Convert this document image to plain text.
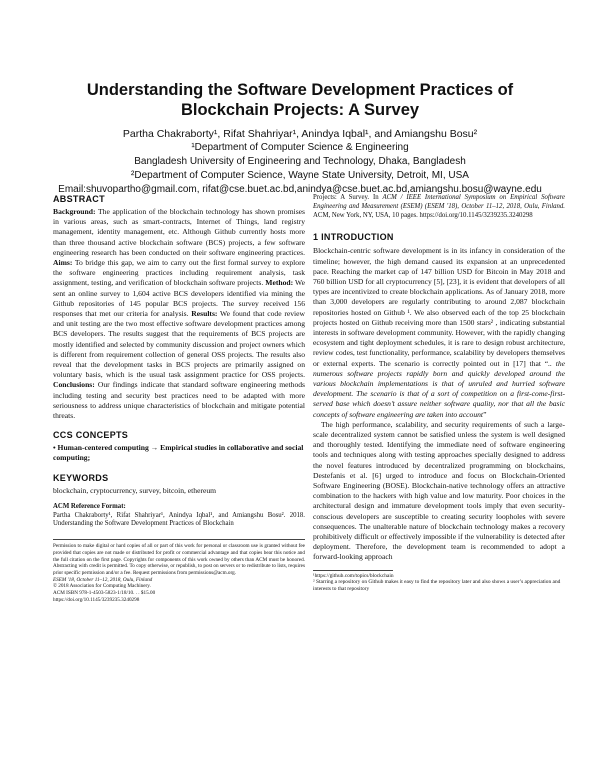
Understanding the Software Development Practices of
Blockchain Projects: A Survey
Partha Chakraborty¹, Rifat Shahriyar¹, Anindya Iqbal¹, and Amiangshu Bosu²
¹Department of Computer Science & Engineering
Bangladesh University of Engineering and Technology, Dhaka, Bangladesh
²Department of Computer Science, Wayne State University, Detroit, MI, USA
Email:shuvopartho@gmail.com, rifat@cse.buet.ac.bd,anindya@cse.buet.ac.bd,amiangshu.bosu@wayne.edu
ABSTRACT

Background: The application of the blockchain technology has shown promises in various areas, such as smart-contracts, Internet of Things, land registry management, identity management, etc. Although Github currently hosts more than three thousand active blockchain software (BCS) projects, a few software engineering research has been conducted on their software engineering practices. Aims: To bridge this gap, we aim to carry out the first formal survey to explore the software engineering practices including requirement analysis, task assignment, testing, and verification of blockchain software projects. Method: We sent an online survey to 1,604 active BCS developers identified via mining the Github repositories of 145 popular BCS projects. The survey received 156 responses that met our criteria for analysis. Results: We found that code review and unit testing are the two most effective software development practices among BCS developers. The results suggest that the requirements of BCS projects are mostly identified and selected by community discussion and project owners which is different from requirement collection of general OSS projects. The results also reveal that the development tasks in BCS projects are primarily assigned on voluntary basis, which is the usual task assignment practice for OSS projects. Conclusions: Our findings indicate that standard software engineering methods including testing and security best practices need to be adapted with more seriousness to address unique characteristics of blockchain and mitigate potential threats.

CCS CONCEPTS

• Human-centered computing → Empirical studies in collaborative and social computing;

KEYWORDS

blockchain, cryptocurrency, survey, bitcoin, ethereum

ACM Reference Format:
Partha Chakraborty¹, Rifat Shahriyar¹, Anindya Iqbal¹, and Amiangshu Bosu². 2018. Understanding the Software Development Practices of Blockchain

Permission to make digital or hard copies of all or part of this work for personal or classroom use is granted without fee provided that copies are not made or distributed for profit or commercial advantage and that copies bear this notice and the full citation on the first page. Copyrights for components of this work owned by others than ACM must be honored. Abstracting with credit is permitted. To copy otherwise, or republish, to post on servers or to redistribute to lists, requires prior specific permission and/or a fee. Request permissions from permissions@acm.org.

ESEM '18, October 11–12, 2018, Oulu, Finland

© 2018 Association for Computing Machinery.

ACM ISBN 978-1-4503-5823-1/18/10. . . $15.00

https://doi.org/10.1145/3239235.3240298

Projects: A Survey. In ACM / IEEE International Symposium on Empirical Software Engineering and Measurement (ESEM) (ESEM '18), October 11–12, 2018, Oulu, Finland. ACM, New York, NY, USA, 10 pages. https://doi.org/10.1145/3239235.3240298

1 INTRODUCTION

Blockchain-centric software development is in its infancy in consideration of the timeline; however, the high demand caused its expansion at an unprecedented pace. Reaching the market cap of 147 billion USD for Bitcoin in May 2018 and 760 billion USD for all cryptocurrency [5], [23], it is evident that developers of all types are incentivized to create blockchain applications. As of January 2018, more than 3,000 developers are regularly contributing to around 2,087 blockchain repositories hosted on Github ¹. We also observed each of the top 25 blockchain projects hosted on Github receiving more than 1500 stars² , indicating substantial interests in software development community. However, with the rapidly changing ecosystem and tight deployment schedules, it is rare to design robust architecture, review codes, test functionality, performance, scalability by developers themselves or external experts. The scenario is correctly pointed out in [17] that “.. the numerous software projects rapidly born and quickly developed around the various blockchain implementations is that of unruled and hurried software development. The scenario is that of a sort of competition on a first-come-first-served base which doesn’t assure neither software quality, nor that all the basic concepts of software engineering are taken into account”

The high performance, scalability, and security requirements of such a large-scale decentralized system cannot be satisfied unless the system is well designed and thoroughly tested. Identifying the immediate need of software engineering tools and techniques along with testing approaches specially designed to address the novel features introduced by decentralized programming on blockchains, Destefanis et al. [6] urged to introduce and focus on Blockchain-Oriented Software Engineering (BOSE). Blockchain-native technology offers an attractive combination to the hackers with high value and low maturity. Poor choices in the architectural design and immature development tools imply that even security-conscious developers are susceptible to creating security loopholes with severe consequences. The unalterable nature of blockchain technology makes a recovery prohibitively difficult or effectively impossible if the vulnerability is detected after deployment. Therefore, the development team is recommended to adopt a forward-looking approach

¹https://github.com/topics/blockchain

² Starring a repository on Github makes it easy to find the repository later and also shows a user’s appreciation and interests to that repository
